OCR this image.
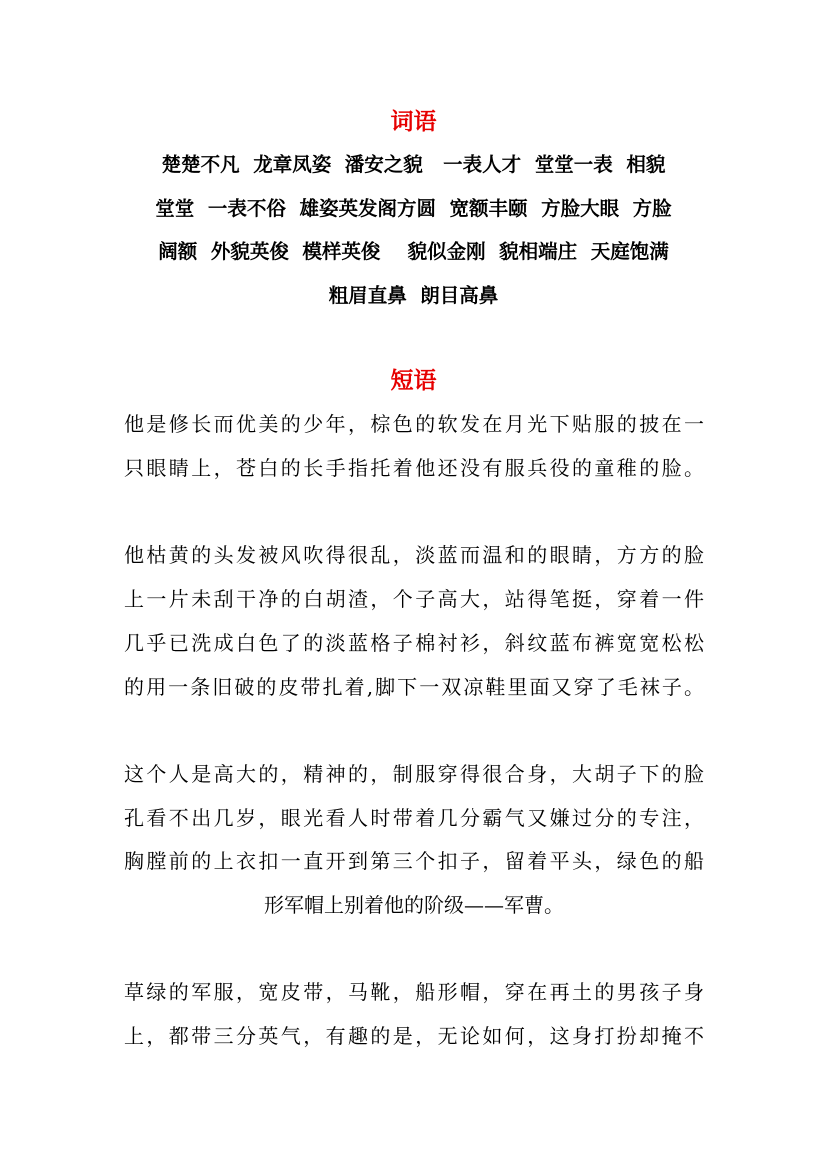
词语
楚楚不凡  龙章凤姿  潘安之貌   一表人才  堂堂一表  相貌
堂堂  一表不俗  雄姿英发阁方圆  宽额丰颐  方脸大眼  方脸
阔额  外貌英俊  模样英俊    貌似金刚  貌相端庄  天庭饱满
粗眉直鼻  朗目高鼻
短语
他是修长而优美的少年，棕色的软发在月光下贴服的披在一
只眼睛上，苍白的长手指托着他还没有服兵役的童稚的脸。
他枯黄的头发被风吹得很乱，淡蓝而温和的眼睛，方方的脸
上一片未刮干净的白胡渣，个子高大，站得笔挺，穿着一件
几乎已洗成白色了的淡蓝格子棉衬衫，斜纹蓝布裤宽宽松松
的用一条旧破的皮带扎着,脚下一双凉鞋里面又穿了毛袜子。
这个人是高大的，精神的，制服穿得很合身，大胡子下的脸
孔看不出几岁，眼光看人时带着几分霸气又嫌过分的专注，
胸膛前的上衣扣一直开到第三个扣子，留着平头，绿色的船
形军帽上别着他的阶级——军曹。
草绿的军服，宽皮带，马靴，船形帽，穿在再土的男孩子身
上，都带三分英气，有趣的是，无论如何，这身打扮却掩不
